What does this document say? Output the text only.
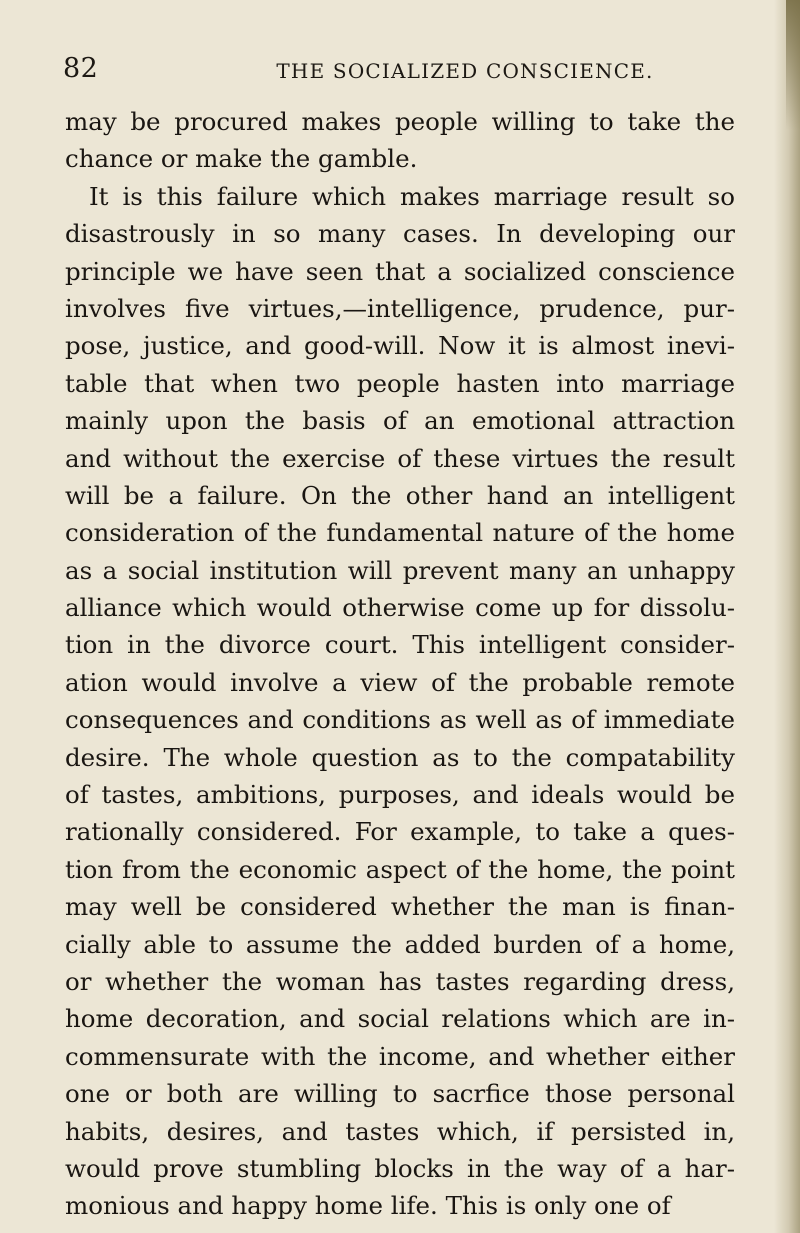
82	THE SOCIALIZED CONSCIENCE.
may be procured makes people willing to take the
chance or make the gamble.
It is this failure which makes marriage result so
disastrously in so many cases. In developing our
principle we have seen that a socialized conscience
involves five virtues,—intelligence, prudence, pur-
pose, justice, and good-will. Now it is almost inevi-
table that when two people hasten into marriage
mainly upon the basis of an emotional attraction
and without the exercise of these virtues the result
will be a failure. On the other hand an intelligent
consideration of the fundamental nature of the home
as a social institution will prevent many an unhappy
alliance which would otherwise come up for dissolu-
tion in the divorce court. This intelligent consider-
ation would involve a view of the probable remote
consequences and conditions as well as of immediate
desire. The whole question as to the compatability
of tastes, ambitions, purposes, and ideals would be
rationally considered. For example, to take a ques-
tion from the economic aspect of the home, the point
may well be considered whether the man is finan-
cially able to assume the added burden of a home,
or whether the woman has tastes regarding dress,
home decoration, and social relations which are in-
commensurate with the income, and whether either
one or both are willing to sacrfice those personal
habits, desires, and tastes which, if persisted in,
would prove stumbling blocks in the way of a har-
monious and happy home life. This is only one of
